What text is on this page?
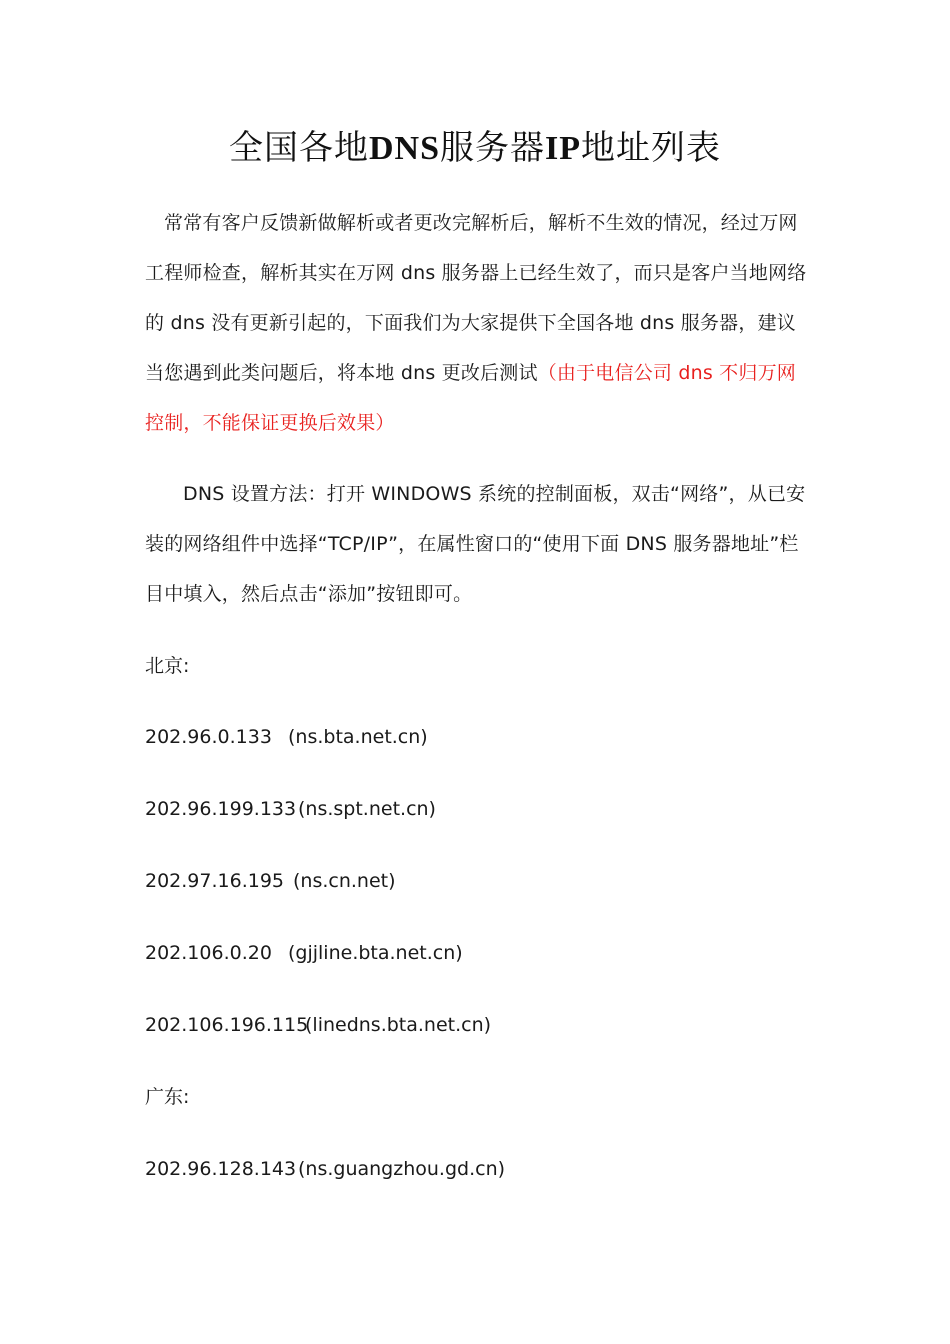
全国各地DNS服务器IP地址列表

常常有客户反馈新做解析或者更改完解析后，解析不生效的情况，经过万网工程师检查，解析其实在万网 dns 服务器上已经生效了，而只是客户当地网络的 dns 没有更新引起的，下面我们为大家提供下全国各地 dns 服务器，建议当您遇到此类问题后，将本地 dns 更改后测试（由于电信公司 dns 不归万网控制，不能保证更换后效果）

DNS 设置方法：打开 WINDOWS 系统的控制面板，双击“网络”，从已安装的网络组件中选择“TCP/IP”，在属性窗口的“使用下面 DNS 服务器地址”栏目中填入，然后点击“添加”按钮即可。

北京:
202.96.0.133 (ns.bta.net.cn)
202.96.199.133 (ns.spt.net.cn)
202.97.16.195 (ns.cn.net)
202.106.0.20 (gjjline.bta.net.cn)
202.106.196.115(linedns.bta.net.cn)
广东:
202.96.128.143 (ns.guangzhou.gd.cn)
